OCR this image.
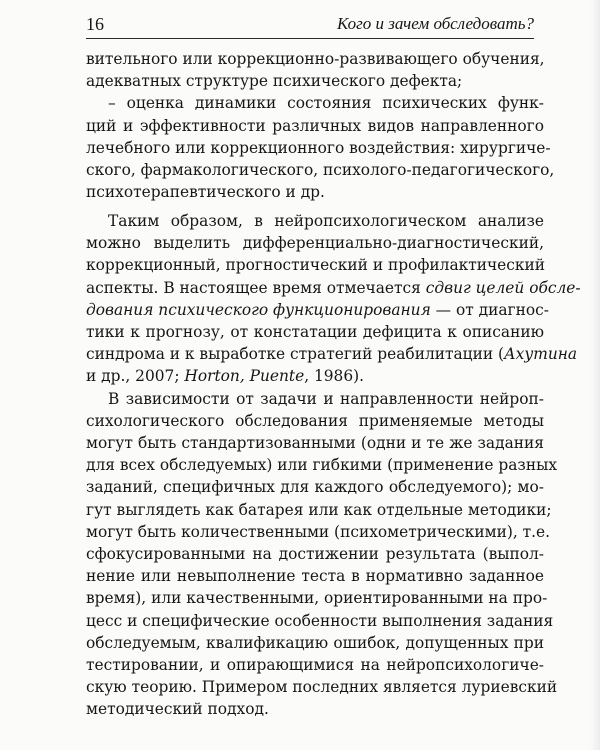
16	Кого и зачем обследовать?
вительного или коррекционно-развивающего обучения,
адекватных структуре психического дефекта;
– оценка динамики состояния психических функ-
ций и эффективности различных видов направленного
лечебного или коррекционного воздействия: хирургиче-
ского, фармакологического, психолого-педагогического,
психотерапевтического и др.
Таким образом, в нейропсихологическом анализе
можно выделить дифференциально-диагностический,
коррекционный, прогностический и профилактический
аспекты. В настоящее время отмечается сдвиг целей обсле-
дования психического функционирования — от диагнос-
тики к прогнозу, от констатации дефицита к описанию
синдрома и к выработке стратегий реабилитации (Ахутина
и др., 2007; Horton, Puente, 1986).
В зависимости от задачи и направленности нейроп-
сихологического обследования применяемые методы
могут быть стандартизованными (одни и те же задания
для всех обследуемых) или гибкими (применение разных
заданий, специфичных для каждого обследуемого); мо-
гут выглядеть как батарея или как отдельные методики;
могут быть количественными (психометрическими), т.е.
сфокусированными на достижении результата (выпол-
нение или невыполнение теста в нормативно заданное
время), или качественными, ориентированными на про-
цесс и специфические особенности выполнения задания
обследуемым, квалификацию ошибок, допущенных при
тестировании, и опирающимися на нейропсихологиче-
скую теорию. Примером последних является луриевский
методический подход.
